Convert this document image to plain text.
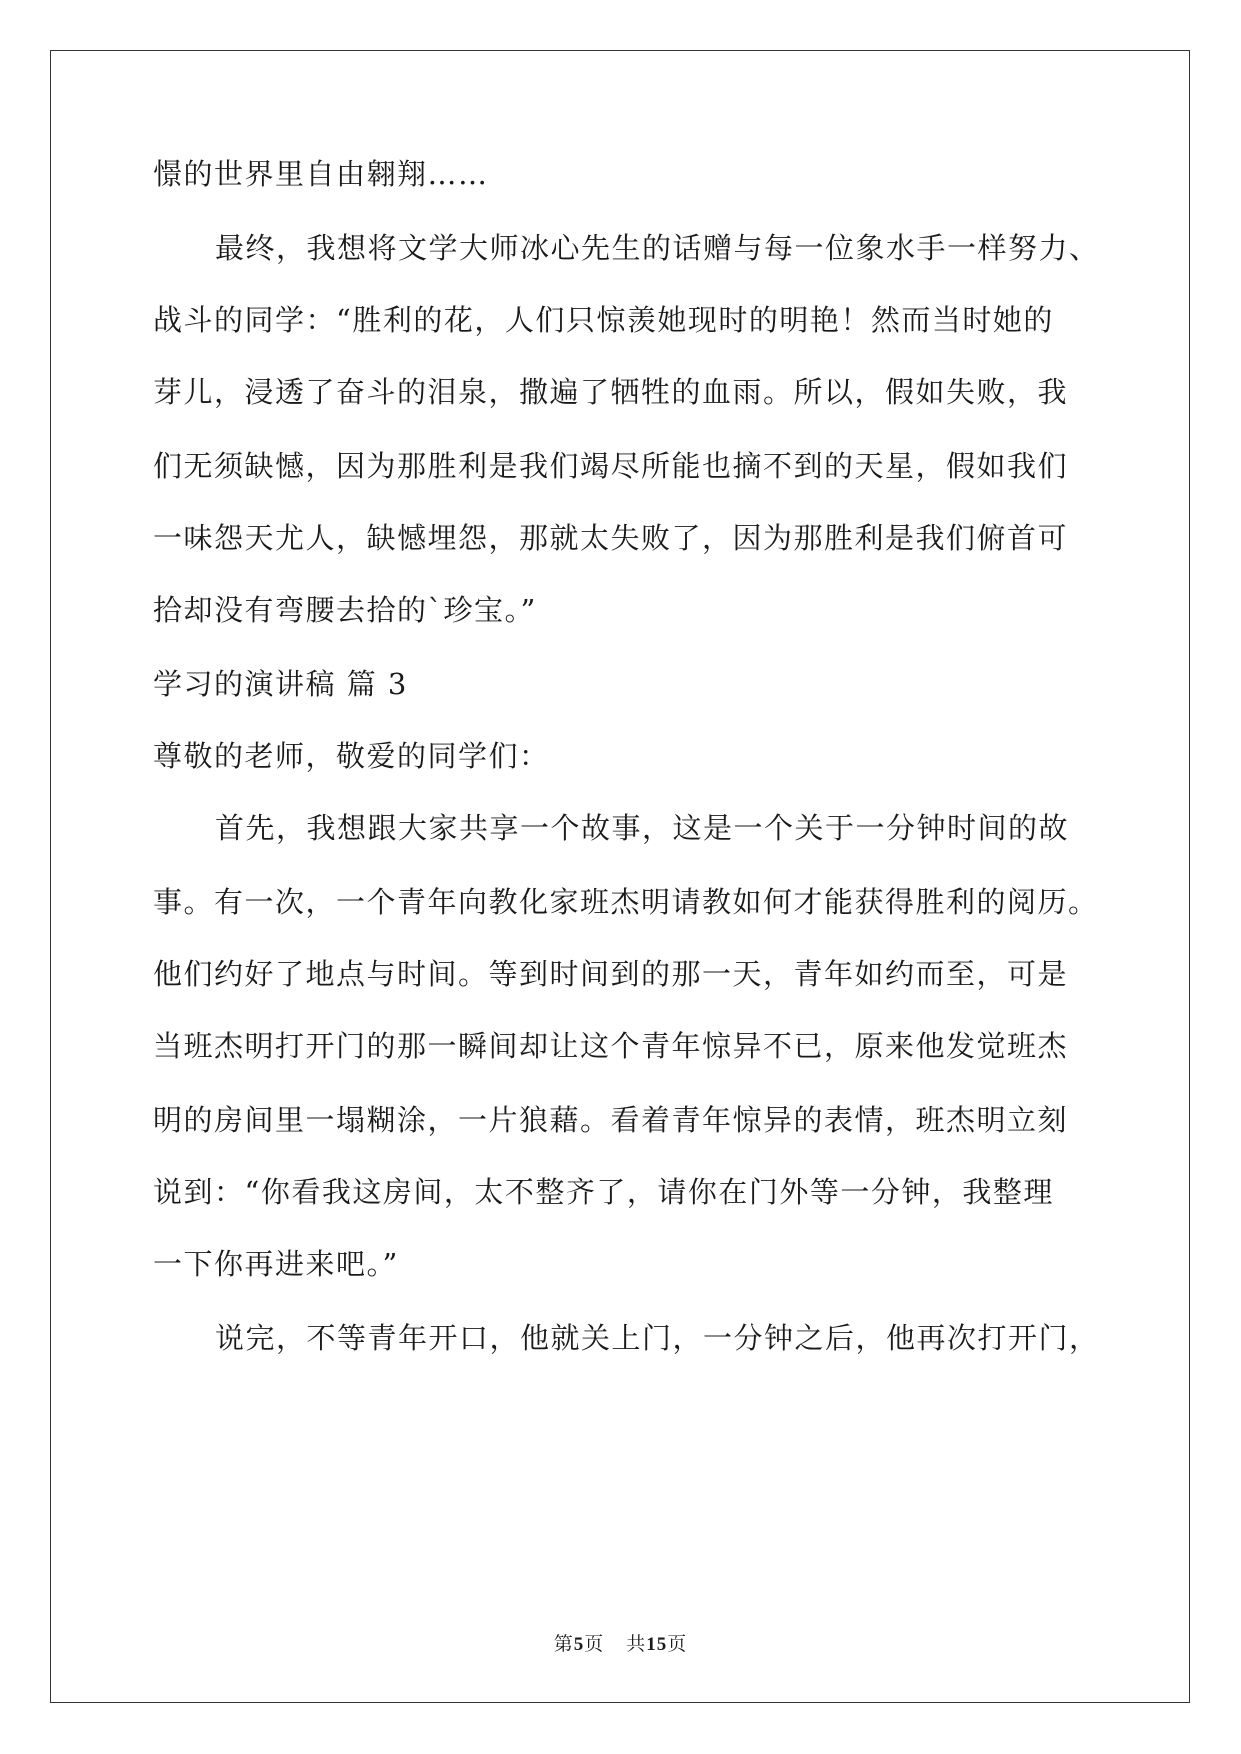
憬的世界里自由翱翔……
最终，我想将文学大师冰心先生的话赠与每一位象水手一样努力、
战斗的同学：“胜利的花，人们只惊羡她现时的明艳！然而当时她的
芽儿，浸透了奋斗的泪泉，撒遍了牺牲的血雨。所以，假如失败，我
们无须缺憾，因为那胜利是我们竭尽所能也摘不到的天星，假如我们
一味怨天尤人，缺憾埋怨，那就太失败了，因为那胜利是我们俯首可
拾却没有弯腰去拾的`珍宝。”
学习的演讲稿 篇 3
尊敬的老师，敬爱的同学们：
首先，我想跟大家共享一个故事，这是一个关于一分钟时间的故
事。有一次，一个青年向教化家班杰明请教如何才能获得胜利的阅历。
他们约好了地点与时间。等到时间到的那一天，青年如约而至，可是
当班杰明打开门的那一瞬间却让这个青年惊异不已，原来他发觉班杰
明的房间里一塌糊涂，一片狼藉。看着青年惊异的表情，班杰明立刻
说到：“你看我这房间，太不整齐了，请你在门外等一分钟，我整理
一下你再进来吧。”
说完，不等青年开口，他就关上门，一分钟之后，他再次打开门，
第5页 共15页
